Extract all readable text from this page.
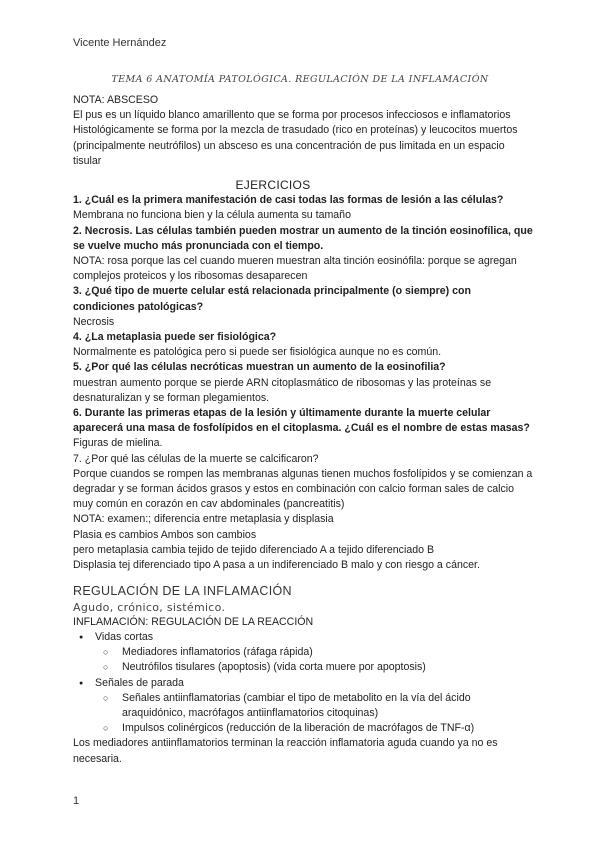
Vicente Hernández
TEMA 6 ANATOMÍA PATOLÓGICA. REGULACIÓN DE LA INFLAMACIÓN

NOTA: ABSCESO

El pus es un líquido blanco amarillento que se forma por procesos infecciosos e inflamatorios Histológicamente se forma por la mezcla de trasudado (rico en proteínas) y leucocitos muertos (principalmente neutrófilos) un absceso es una concentración de pus limitada en un espacio tisular

EJERCICIOS

1. ¿Cuál es la primera manifestación de casi todas las formas de lesión a las células?

Membrana no funciona bien y la célula aumenta su tamaño

2. Necrosis. Las células también pueden mostrar un aumento de la tinción eosinofílica, que se vuelve mucho más pronunciada con el tiempo.

NOTA: rosa porque las cel cuando mueren muestran alta tinción eosinófila: porque se agregan complejos proteicos y los ribosomas desaparecen

3. ¿Qué tipo de muerte celular está relacionada principalmente (o siempre) con condiciones patológicas?

Necrosis

4. ¿La metaplasia puede ser fisiológica?

Normalmente es patológica pero si puede ser fisiológica aunque no es común.

5. ¿Por qué las células necróticas muestran un aumento de la eosinofilia?

muestran aumento porque se pierde ARN citoplasmático de ribosomas y las proteínas se desnaturalizan y se forman plegamientos.

6. Durante las primeras etapas de la lesión y últimamente durante la muerte celular aparecerá una masa de fosfolípidos en el citoplasma. ¿Cuál es el nombre de estas masas?

Figuras de mielina.

7. ¿Por qué las células de la muerte se calcificaron?

Porque cuandos se rompen las membranas algunas tienen muchos fosfolípidos y se comienzan a degradar y se forman ácidos grasos y estos en combinación con calcio forman sales de calcio muy común en corazón en cav abdominales (pancreatitis)

NOTA: examen:; diferencia entre metaplasia y displasia

Plasia es cambios Ambos son cambios

pero metaplasia cambia tejido de tejido diferenciado A a tejido diferenciado B

Displasia tej diferenciado tipo A pasa a un indiferenciado B malo y con riesgo a cáncer.

REGULACIÓN DE LA INFLAMACIÓN

Agudo, crónico, sistémico.

INFLAMACIÓN: REGULACIÓN DE LA REACCIÓN

● Vidas cortas
○ Mediadores inflamatorios (ráfaga rápida)
○ Neutrófilos tisulares (apoptosis) (vida corta muere por apoptosis)
● Señales de parada
○ Señales antiinflamatorias (cambiar el tipo de metabolito en la vía del ácido araquidónico, macrófagos antiinflamatorios citoquinas)
○ Impulsos colinérgicos (reducción de la liberación de macrófagos de TNF-α)

Los mediadores antiinflamatorios terminan la reacción inflamatoria aguda cuando ya no es necesaria.

1
